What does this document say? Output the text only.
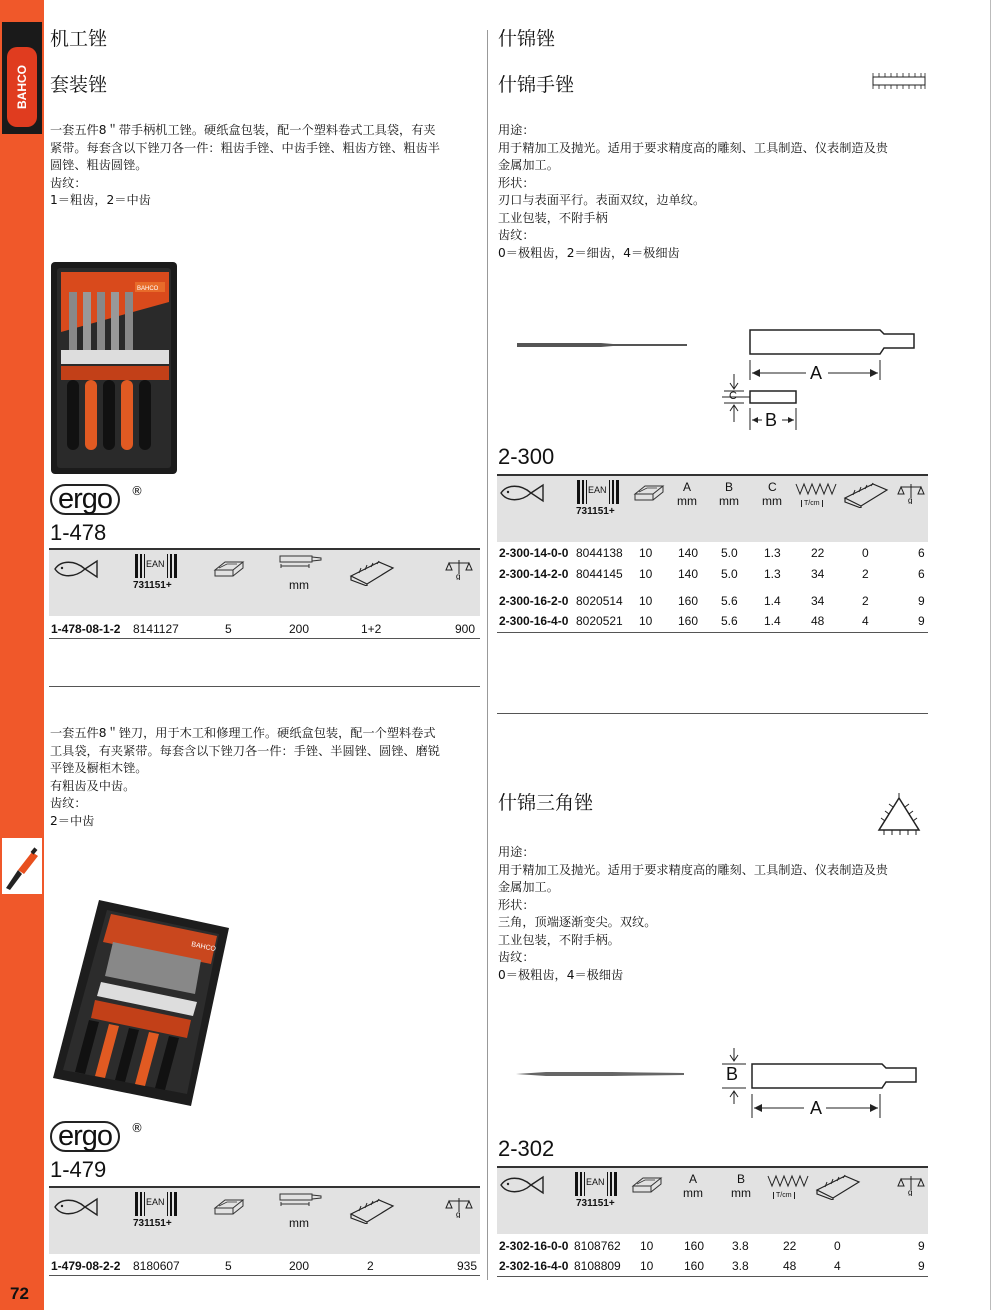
BAHCO
72
机工锉
套装锉
一套五件8＂带手柄机工锉。硬纸盒包装，配一个塑料卷式工具袋，有夹
紧带。每套含以下锉刀各一件：粗齿手锉、中齿手锉、粗齿方锉、粗齿半
圆锉、粗齿圆锉。
齿纹：
1＝粗齿，2＝中齿
BAHCO
ergo	®
1-478
EAN
731151+	mm
g
1-478-08-1-2 8141127	5	200	1+2	900
一套五件8＂锉刀，用于木工和修理工作。硬纸盒包装，配一个塑料卷式
工具袋，有夹紧带。每套含以下锉刀各一件：手锉、半圆锉、圆锉、磨锐
平锉及橱柜木锉。
有粗齿及中齿。
齿纹：
2＝中齿
BAHCO
ergo	®
1-479
EAN
731151+	mm
g
1-479-08-2-2 8180607	5	200	2	935
什锦锉
什锦手锉
用途：
用于精加工及抛光。适用于要求精度高的雕刻、工具制造、仪表制造及贵
金属加工。
形状：
刃口与表面平行。表面双纹，边单纹。
工业包装，不附手柄
齿纹：
0＝极粗齿，2＝细齿，4＝极细齿
A
C
B
2-300
EAN
731151+
A
mm
B
mm
C
mm	T/cm	g
2-300-14-0-0 8044138 10 140 5.0 1.3	22	0	6
2-300-14-2-0 8044145 10 140 5.0 1.3	34	2	6
2-300-16-2-0 8020514 10 160 5.6 1.4	34	2	9
2-300-16-4-0 8020521 10 160 5.6 1.4	48	4	9
什锦三角锉
用途：
用于精加工及抛光。适用于要求精度高的雕刻、工具制造、仪表制造及贵
金属加工。
形状：
三角，顶端逐渐变尖。双纹。
工业包装，不附手柄。
齿纹：
0＝极粗齿，4＝极细齿
B
A
2-302
EAN
731151+
A
mm
B
mm	T/cm	g
2-302-16-0-0 8108762 10	160 3.8	22	0	9
2-302-16-4-0 8108809 10	160 3.8	48	4	9
